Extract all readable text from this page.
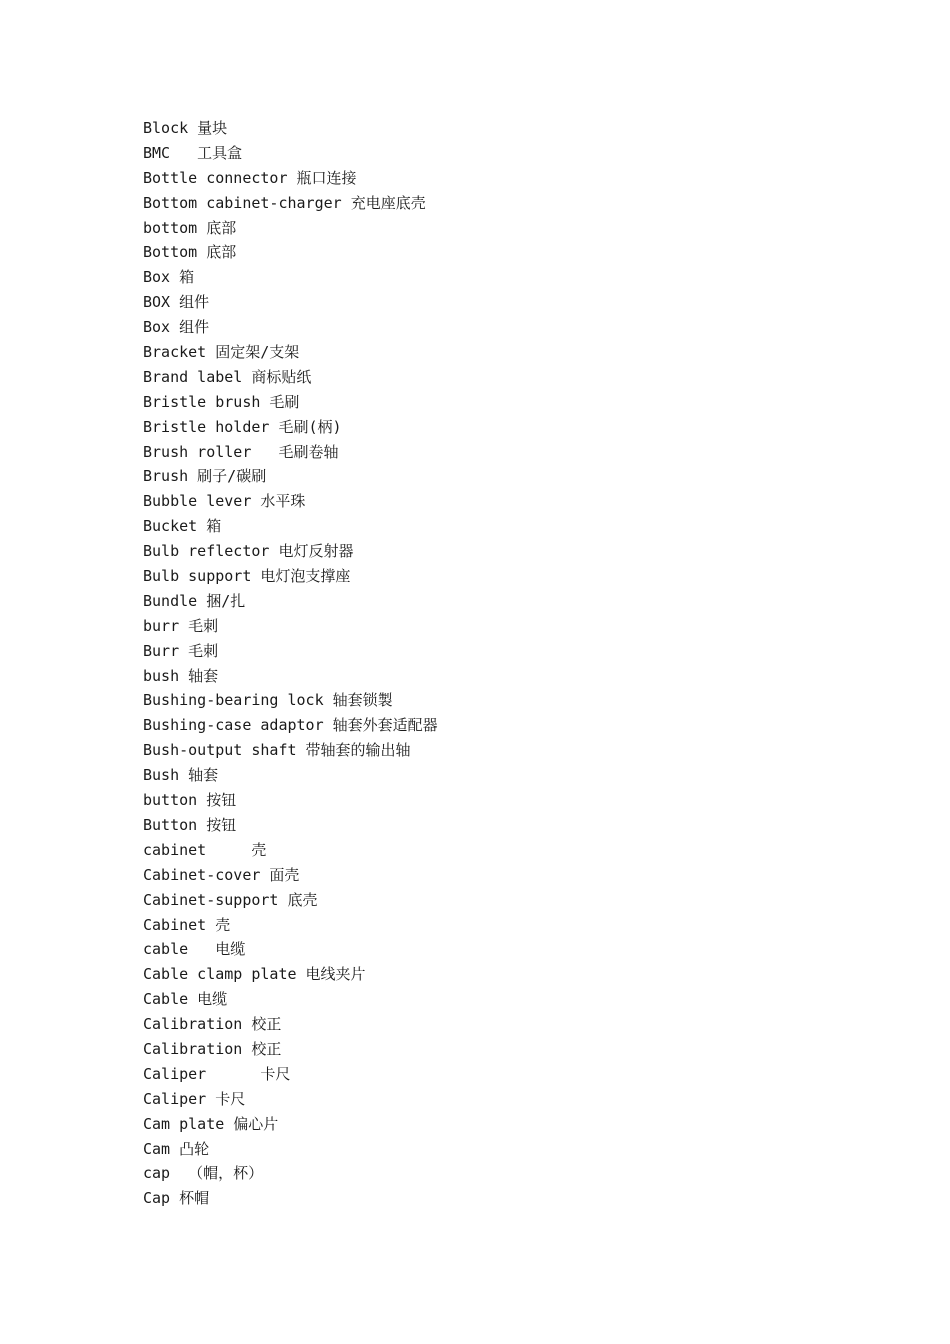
Block 量块
BMC   工具盒
Bottle connector 瓶口连接
Bottom cabinet-charger 充电座底壳
bottom 底部
Bottom 底部
Box 箱
BOX 组件
Box 组件
Bracket 固定架/支架
Brand label 商标贴纸
Bristle brush 毛刷
Bristle holder 毛刷(柄)
Brush roller   毛刷卷轴
Brush 刷子/碳刷
Bubble lever 水平珠
Bucket 箱
Bulb reflector 电灯反射器
Bulb support 电灯泡支撑座
Bundle 捆/扎
burr 毛刺
Burr 毛刺
bush 轴套
Bushing-bearing lock 轴套锁製
Bushing-case adaptor 轴套外套适配器
Bush-output shaft 带轴套的输出轴
Bush 轴套
button 按钮
Button 按钮
cabinet     壳
Cabinet-cover 面壳
Cabinet-support 底壳
Cabinet 壳
cable   电缆
Cable clamp plate 电线夹片
Cable 电缆
Calibration 校正
Calibration 校正
Caliper      卡尺
Caliper 卡尺
Cam plate 偏心片
Cam 凸轮
cap  （帽，杯）
Cap 杯帽
